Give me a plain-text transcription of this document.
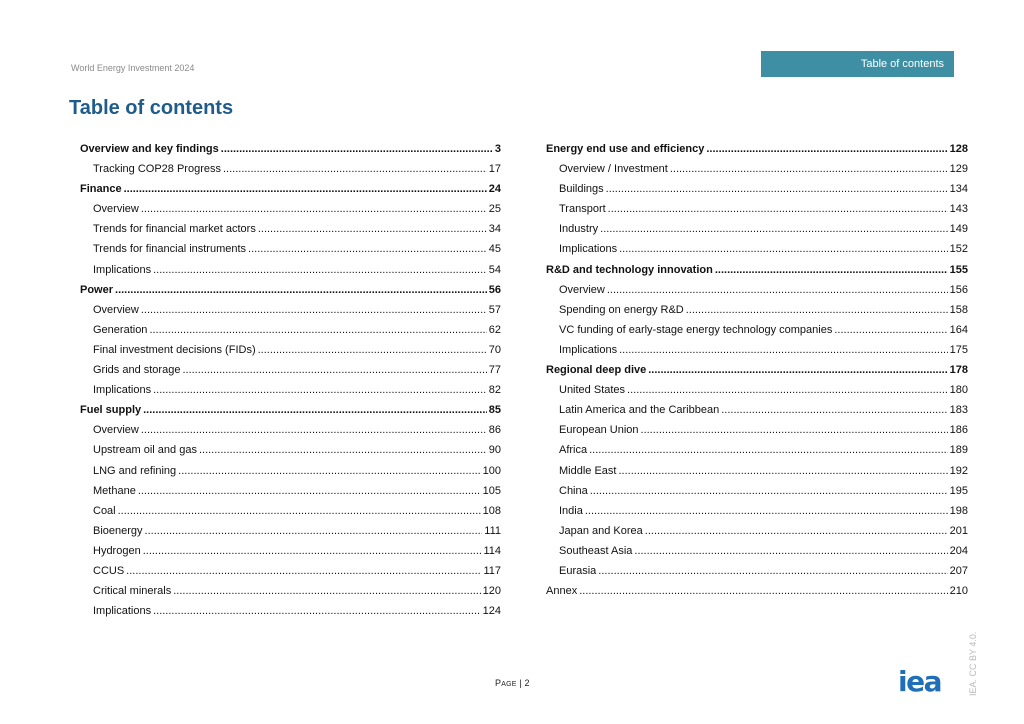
World Energy Investment 2024	Table of contents
Table of contents
Overview and key findings .....	3
Tracking COP28 Progress .....	17
Finance .....	24
Overview .....	25
Trends for financial market actors .....	34
Trends for financial instruments .....	45
Implications .....	54
Power .....	56
Overview .....	57
Generation .....	62
Final investment decisions (FIDs) .....	70
Grids and storage .....	77
Implications .....	82
Fuel supply .....	85
Overview .....	86
Upstream oil and gas .....	90
LNG and refining .....	100
Methane .....	105
Coal .....	108
Bioenergy .....	111
Hydrogen .....	114
CCUS .....	117
Critical minerals .....	120
Implications .....	124
Energy end use and efficiency .....	128
Overview / Investment .....	129
Buildings .....	134
Transport .....	143
Industry .....	149
Implications .....	152
R&D and technology innovation .....	155
Overview .....	156
Spending on energy R&D .....	158
VC funding of early-stage energy technology companies .....	164
Implications .....	175
Regional deep dive .....	178
United States .....	180
Latin America and the Caribbean .....	183
European Union .....	186
Africa .....	189
Middle East .....	192
China .....	195
India .....	198
Japan and Korea .....	201
Southeast Asia .....	204
Eurasia .....	207
Annex .....	210
PAGE | 2	iea	IEA. CC BY 4.0.
